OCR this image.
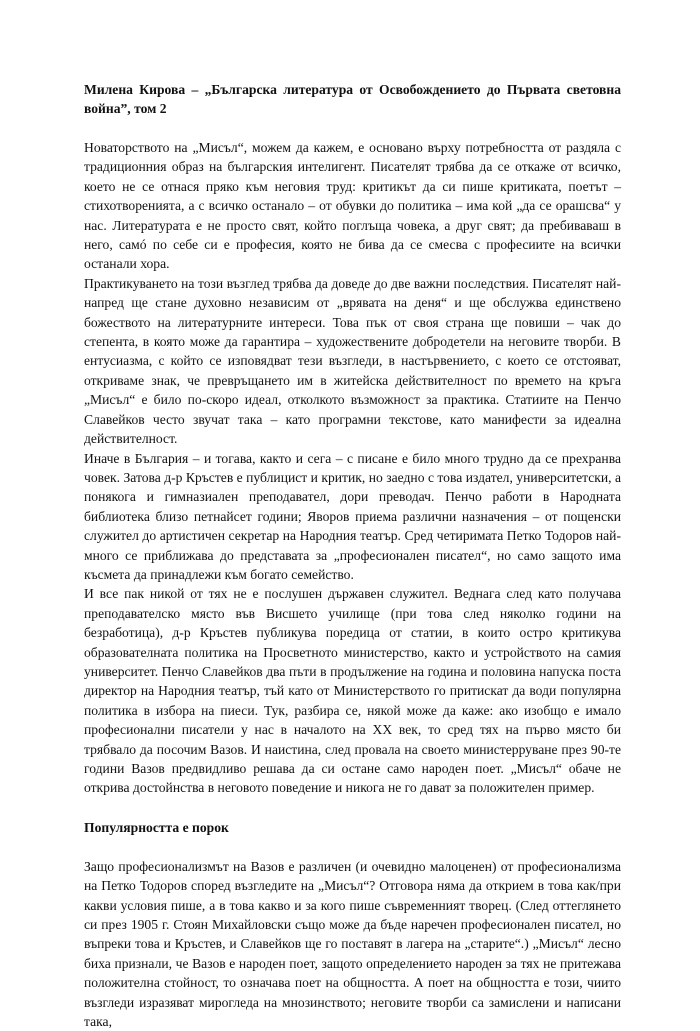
Милена Кирова – „Българска литература от Освобождението до Първата световна война”, том 2

Новаторството на „Мисъл“, можем да кажем, е основано върху потребността от раздяла с традиционния образ на българския интелигент. Писателят трябва да се откаже от всичко, което не се отнася пряко към неговия труд: критикът да си пише критиката, поетът – стихотворенията, а с всичко останало – от обувки до политика – има кой „да се орашсва“ у нас. Литературата е не просто свят, който поглъща човека, а друг свят; да пребиваваш в него, самó по себе си е професия, която не бива да се смесва с професиите на всички останали хора.

Практикуването на този възглед трябва да доведе до две важни последствия. Писателят най-напред ще стане духовно независим от „врявата на деня“ и ще обслужва единствено божеството на литературните интереси. Това пък от своя страна ще повиши – чак до степента, в която може да гарантира – художествените добродетели на неговите творби. В ентусиазма, с който се изповядват тези възгледи, в настървението, с което се отстояват, откриваме знак, че превръщането им в житейска действителност по времето на кръга „Мисъл“ е било по-скоро идеал, отколкото възможност за практика. Статиите на Пенчо Славейков често звучат така – като програмни текстове, като манифести за идеална действителност.

Иначе в България – и тогава, както и сега – с писане е било много трудно да се прехранва човек. Затова д-р Кръстев е публицист и критик, но заедно с това издател, университетски, а понякога и гимназиален преподавател, дори преводач. Пенчо работи в Народната библиотека близо петнайсет години; Яворов приема различни назначения – от пощенски служител до артистичен секретар на Народния театър. Сред четиримата Петко Тодоров най-много се приближава до представата за „професионален писател“, но само защото има късмета да принадлежи към богато семейство.

И все пак никой от тях не е послушен държавен служител. Веднага след като получава преподавателско място във Висшето училище (при това след няколко години на безработица), д-р Кръстев публикува поредица от статии, в които остро критикува образователната политика на Просветното министерство, както и устройството на самия университет. Пенчо Славейков два пъти в продължение на година и половина напуска поста директор на Народния театър, тъй като от Министерството го притискат да води популярна политика в избора на пиеси. Тук, разбира се, някой може да каже: ако изобщо е имало професионални писатели у нас в началото на ХХ век, то сред тях на първо място би трябвало да посочим Вазов. И наистина, след провала на своето министерруване през 90-те години Вазов предвидливо решава да си остане само народен поет. „Мисъл“ обаче не открива достойнства в неговото поведение и никога не го дават за положителен пример.

Популярността е порок

Защо професионализмът на Вазов е различен (и очевидно малоценен) от професионализма на Петко Тодоров според възгледите на „Мисъл“? Отговора няма да открием в това как/при какви условия пише, а в това какво и за кого пише съвременният творец. (След оттеглянето си през 1905 г. Стоян Михайловски също може да бъде наречен професионален писател, но въпреки това и Кръстев, и Славейков ще го поставят в лагера на „старите“.) „Мисъл“ лесно биха признали, че Вазов е народен поет, защото определението народен за тях не притежава положителна стойност, то означава поет на общността. А поет на общността е този, чиито възгледи изразяват мирогледа на мнозинството; неговите творби са замислени и написани така,
